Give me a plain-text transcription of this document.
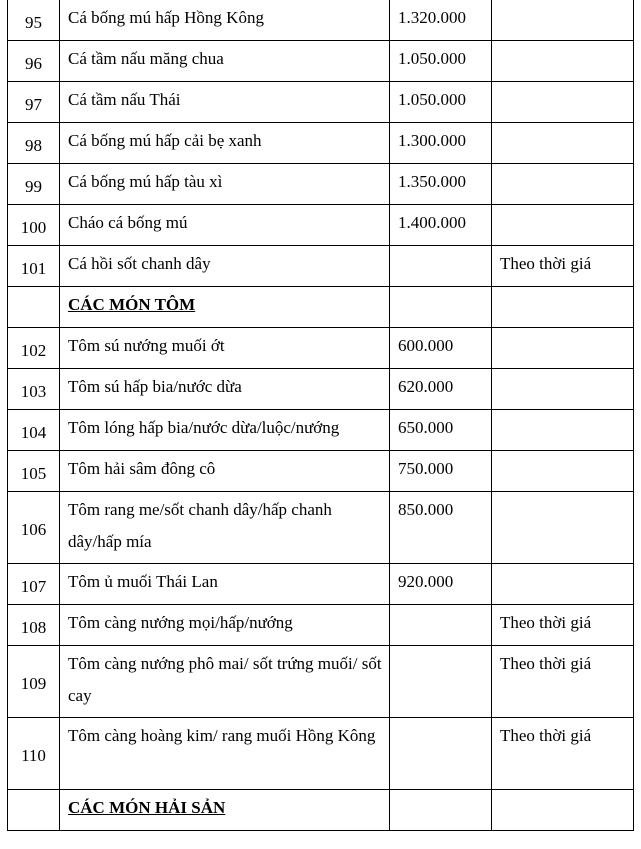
95	Cá bống mú hấp Hồng Kông	1.320.000	
96	Cá tầm nấu măng chua	1.050.000	
97	Cá tầm nấu Thái	1.050.000	
98	Cá bống mú hấp cải bẹ xanh	1.300.000	
99	Cá bống mú hấp tàu xì	1.350.000	
100	Cháo cá bống mú	1.400.000	
101	Cá hồi sốt chanh dây		Theo thời giá
	CÁC MÓN TÔM		
102	Tôm sú nướng muối ớt	600.000	
103	Tôm sú hấp bia/nước dừa	620.000	
104	Tôm lóng hấp bia/nước dừa/luộc/nướng	650.000	
105	Tôm hải sâm đông cô	750.000	
106	Tôm rang me/sốt chanh dây/hấp chanh dây/hấp mía	850.000	
107	Tôm ủ muối Thái Lan	920.000	
108	Tôm càng nướng mọi/hấp/nướng		Theo thời giá
109	Tôm càng nướng phô mai/ sốt trứng muối/ sốt cay		Theo thời giá
110	Tôm càng hoàng kim/ rang muối Hồng Kông		Theo thời giá
	CÁC MÓN HẢI SẢN		
